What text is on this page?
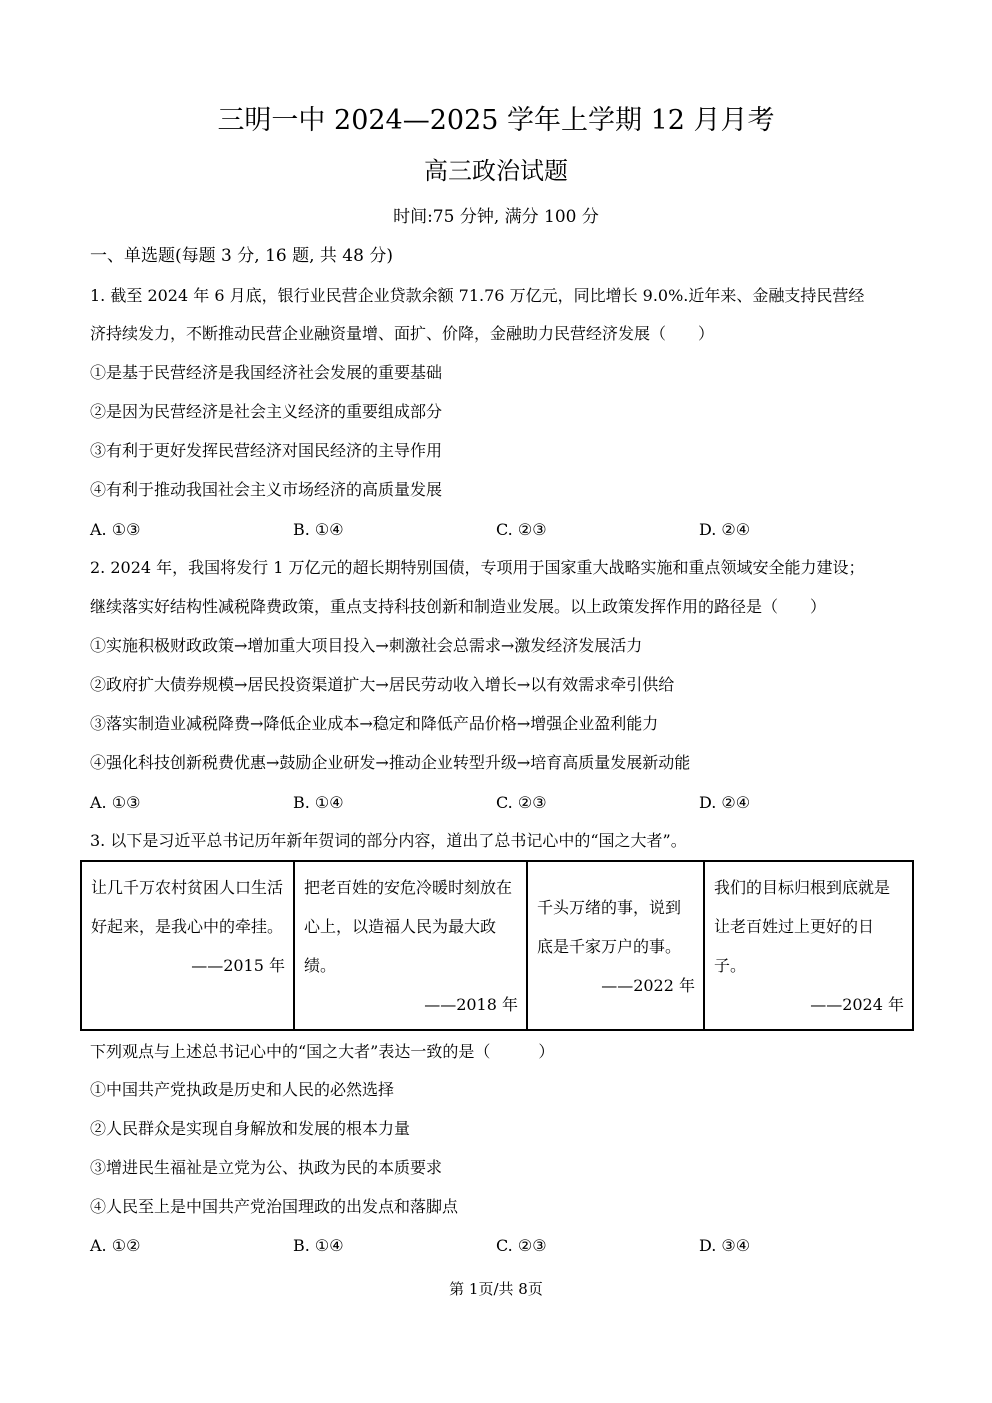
三明一中 2024—2025 学年上学期 12 月月考
高三政治试题
时间:75 分钟, 满分 100 分
一、单选题(每题 3 分, 16 题, 共 48 分)
1. 截至 2024 年 6 月底，银行业民营企业贷款余额 71.76 万亿元，同比增长 9.0%.近年来、金融支持民营经
济持续发力，不断推动民营企业融资量增、面扩、价降，金融助力民营经济发展（　　）
①是基于民营经济是我国经济社会发展的重要基础
②是因为民营经济是社会主义经济的重要组成部分
③有利于更好发挥民营经济对国民经济的主导作用
④有利于推动我国社会主义市场经济的高质量发展
A. ①③	B. ①④	C. ②③	D. ②④
2. 2024 年，我国将发行 1 万亿元的超长期特别国债，专项用于国家重大战略实施和重点领域安全能力建设；
继续落实好结构性减税降费政策，重点支持科技创新和制造业发展。以上政策发挥作用的路径是（　　）
①实施积极财政政策→增加重大项目投入→刺激社会总需求→激发经济发展活力
②政府扩大债券规模→居民投资渠道扩大→居民劳动收入增长→以有效需求牵引供给
③落实制造业减税降费→降低企业成本→稳定和降低产品价格→增强企业盈利能力
④强化科技创新税费优惠→鼓励企业研发→推动企业转型升级→培育高质量发展新动能
A. ①③	B. ①④	C. ②③	D. ②④
3. 以下是习近平总书记历年新年贺词的部分内容，道出了总书记心中的“国之大者”。
让几千万农村贫困人口生活好起来，是我心中的牵挂。
——2015 年

把老百姓的安危冷暖时刻放在心上，以造福人民为最大政绩。
——2018 年

千头万绪的事，说到底是千家万户的事。
——2022 年

我们的目标归根到底就是让老百姓过上更好的日子。
——2024 年
下列观点与上述总书记心中的“国之大者”表达一致的是（　　　）
①中国共产党执政是历史和人民的必然选择
②人民群众是实现自身解放和发展的根本力量
③增进民生福祉是立党为公、执政为民的本质要求
④人民至上是中国共产党治国理政的出发点和落脚点
A. ①②	B. ①④	C. ②③	D. ③④
第 1页/共 8页
